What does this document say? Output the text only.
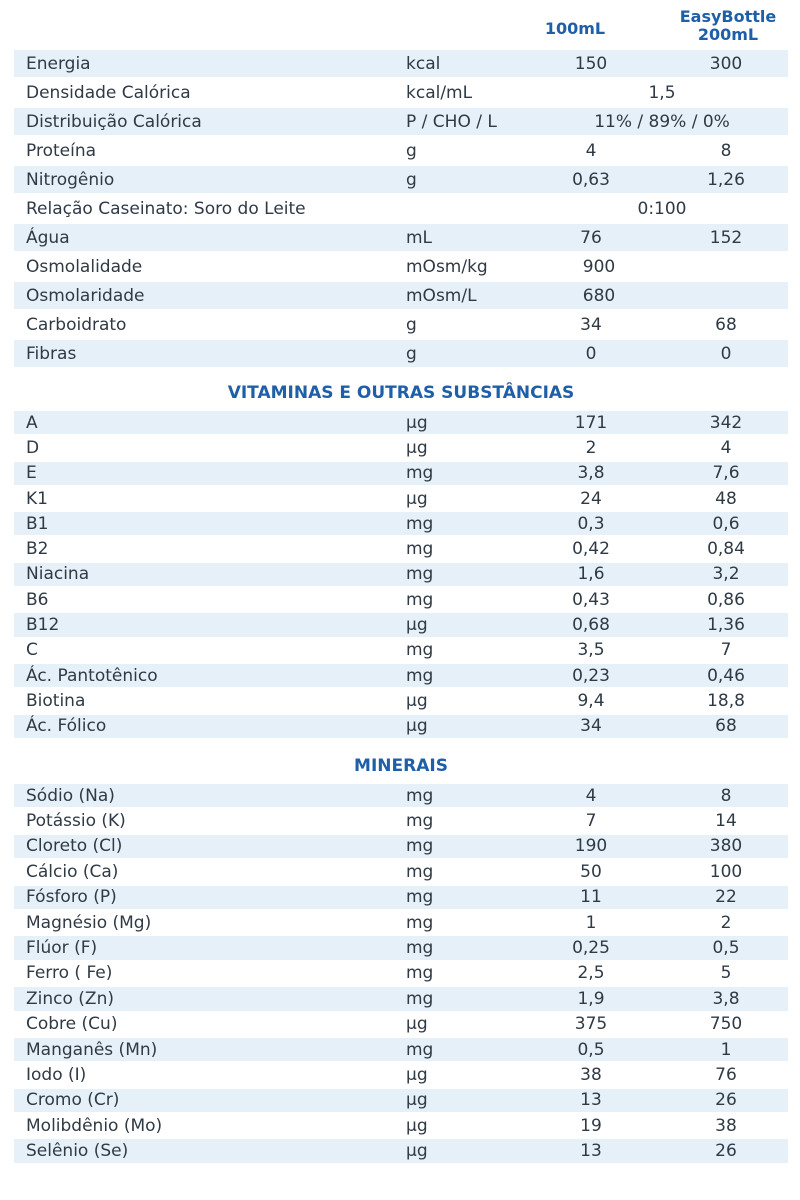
100mL
EasyBottle
200mL
Energia	kcal	150	300
Densidade Calórica	kcal/mL	1,5
Distribuição Calórica	P / CHO / L	11% / 89% / 0%
Proteína	g	4	8
Nitrogênio	g	0,63	1,26
Relação Caseinato: Soro do Leite	0:100
Água	mL	76	152
Osmolalidade	mOsm/kg	900
Osmolaridade	mOsm/L	680
Carboidrato	g	34	68
Fibras	g	0	0
VITAMINAS E OUTRAS SUBSTÂNCIAS
A	µg	171	342
D	µg	2	4
E	mg	3,8	7,6
K1	µg	24	48
B1	mg	0,3	0,6
B2	mg	0,42	0,84
Niacina	mg	1,6	3,2
B6	mg	0,43	0,86
B12	µg	0,68	1,36
C	mg	3,5	7
Ác. Pantotênico	mg	0,23	0,46
Biotina	µg	9,4	18,8
Ác. Fólico	µg	34	68
MINERAIS
Sódio (Na)	mg	4	8
Potássio (K)	mg	7	14
Cloreto (Cl)	mg	190	380
Cálcio (Ca)	mg	50	100
Fósforo (P)	mg	11	22
Magnésio (Mg)	mg	1	2
Flúor (F)	mg	0,25	0,5
Ferro ( Fe)	mg	2,5	5
Zinco (Zn)	mg	1,9	3,8
Cobre (Cu)	µg	375	750
Manganês (Mn)	mg	0,5	1
Iodo (I)	µg	38	76
Cromo (Cr)	µg	13	26
Molibdênio (Mo)	µg	19	38
Selênio (Se)	µg	13	26
